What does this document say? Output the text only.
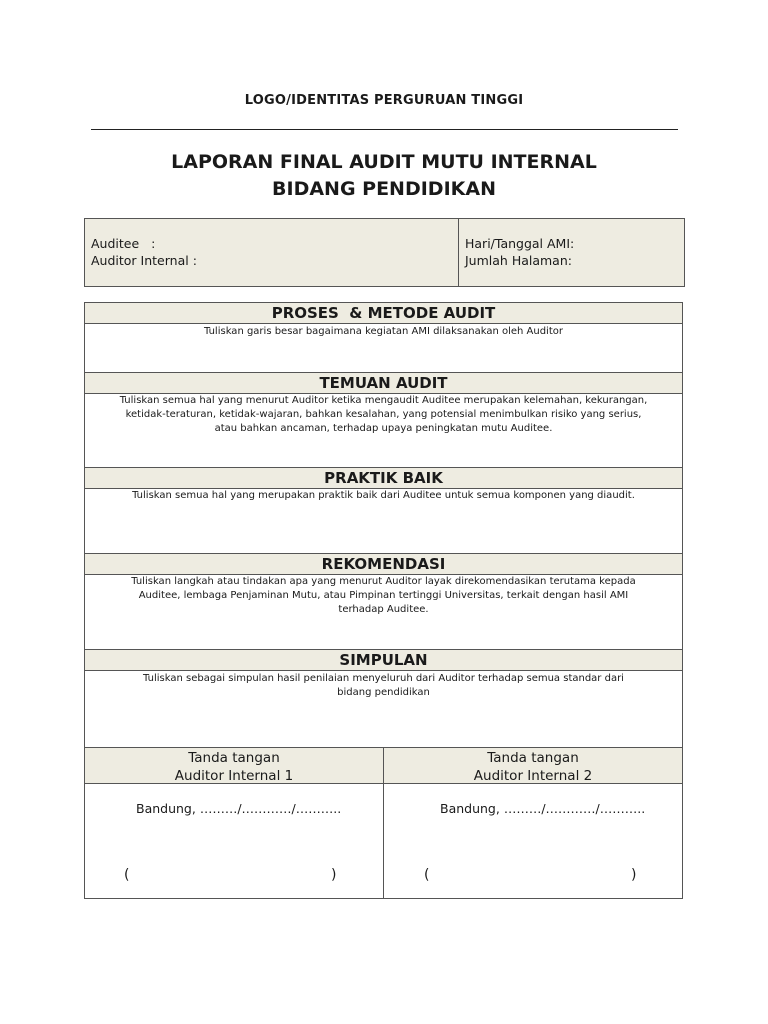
LOGO/IDENTITAS PERGURUAN TINGGI
LAPORAN FINAL AUDIT MUTU INTERNAL
BIDANG PENDIDIKAN
Auditee   :
Auditor Internal :
Hari/Tanggal AMI:
Jumlah Halaman:
PROSES  & METODE AUDIT
Tuliskan garis besar bagaimana kegiatan AMI dilaksanakan oleh Auditor
TEMUAN AUDIT
Tuliskan semua hal yang menurut Auditor ketika mengaudit Auditee merupakan kelemahan, kekurangan, ketidak-teraturan, ketidak-wajaran, bahkan kesalahan, yang potensial menimbulkan risiko yang serius, atau bahkan ancaman, terhadap upaya peningkatan mutu Auditee.
PRAKTIK BAIK
Tuliskan semua hal yang merupakan praktik baik dari Auditee untuk semua komponen yang diaudit.
REKOMENDASI
Tuliskan langkah atau tindakan apa yang menurut Auditor layak direkomendasikan terutama kepada Auditee, lembaga Penjaminan Mutu, atau Pimpinan tertinggi Universitas, terkait dengan hasil AMI terhadap Auditee.
SIMPULAN
Tuliskan sebagai simpulan hasil penilaian menyeluruh dari Auditor terhadap semua standar dari bidang pendidikan
Tanda tangan
Auditor Internal 1
Tanda tangan
Auditor Internal 2
Bandung, ………/…………/………..
(	)
Bandung, ………/…………/………..
(	)
